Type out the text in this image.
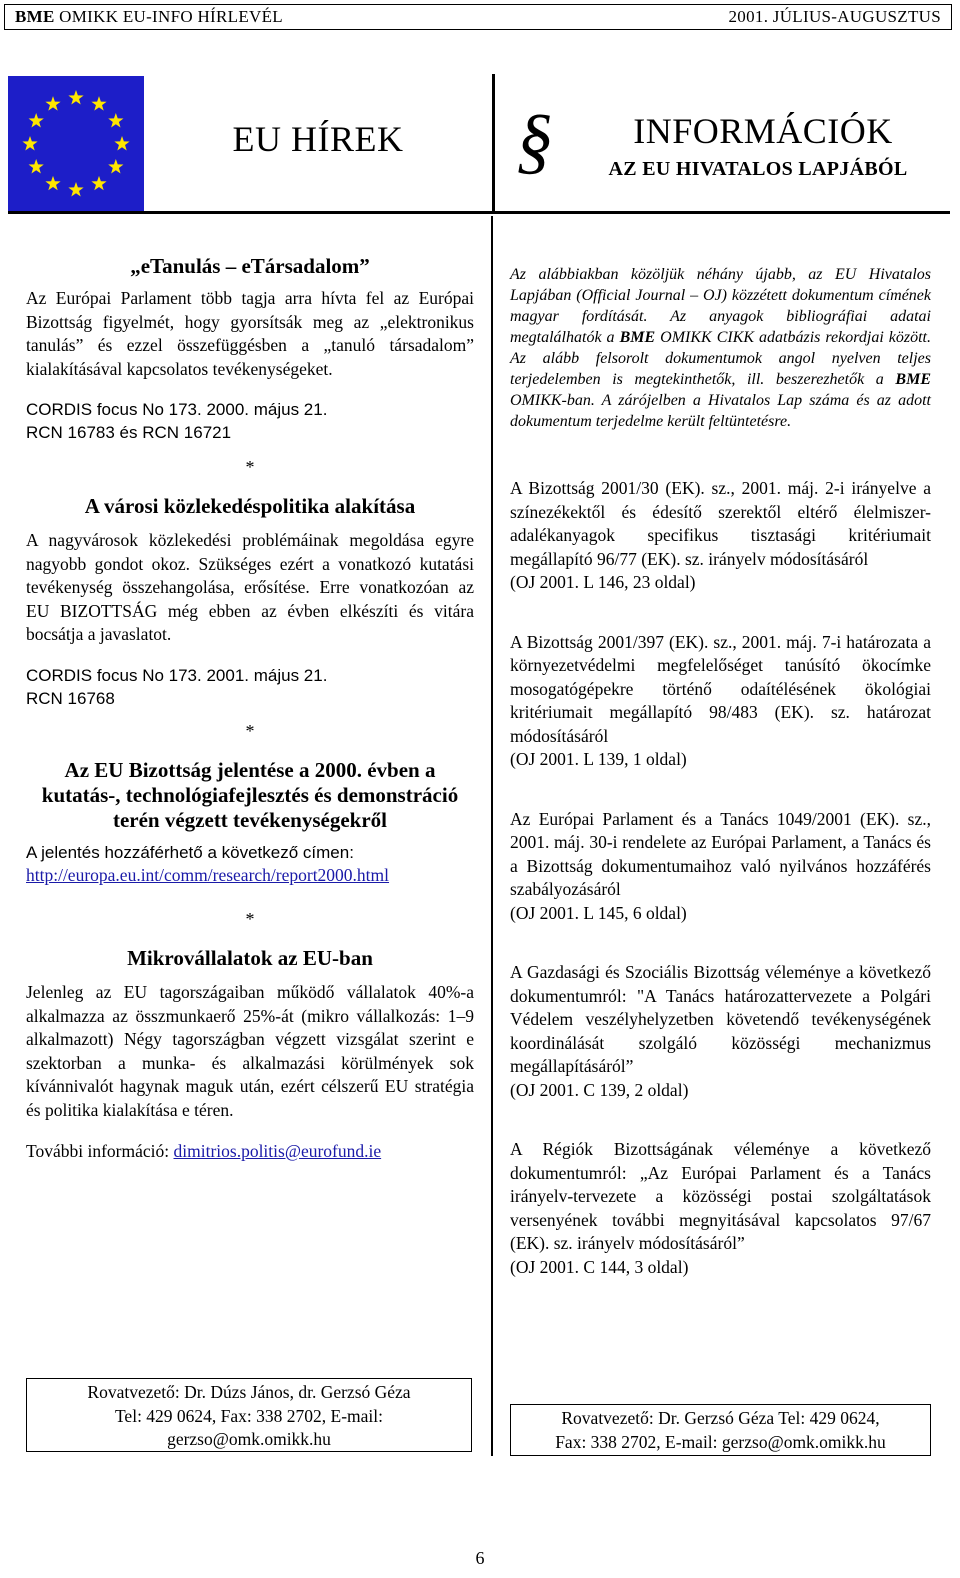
BME OMIKK EU-INFO HÍRLEVÉL	2001. JÚLIUS-AUGUSZTUS
EU HÍREK	§	INFORMÁCIÓK
AZ EU HIVATALOS LAPJÁBÓL
„eTanulás – eTársadalom”

Az Európai Parlament több tagja arra hívta fel az Európai Bizottság figyelmét, hogy gyorsítsák meg az „elektronikus tanulás” és ezzel összefüggésben a „tanuló társadalom” kialakításával kapcsolatos tevékenységeket.

CORDIS focus No 173. 2000. május 21.
RCN 16783 és RCN 16721
*
A városi közlekedéspolitika alakítása

A nagyvárosok közlekedési problémáinak megoldása egyre nagyobb gondot okoz. Szükséges ezért a vonatkozó kutatási tevékenység összehangolása, erősítése. Erre vonatkozóan az EU BIZOTTSÁG még ebben az évben elkészíti és vitára bocsátja a javaslatot.

CORDIS focus No 173. 2001. május 21.
RCN 16768
*
Az EU Bizottság jelentése a 2000. évben a kutatás-, technológiafejlesztés és demonstráció terén végzett tevékenységekről
A jelentés hozzáférhető a következő címen:
http://europa.eu.int/comm/research/report2000.html
*
Mikrovállalatok az EU-ban

Jelenleg az EU tagországaiban működő vállalatok 40%-a alkalmazza az összmunkaerő 25%-át (mikro vállalkozás: 1–9 alkalmazott) Négy tagországban végzett vizsgálat szerint e szektorban a munka- és alkalmazási körülmények sok kívánnivalót hagynak maguk után, ezért célszerű EU stratégia és politika kialakítása e téren.

További információ: dimitrios.politis@eurofund.ie

Rovatvezető: Dr. Dúzs János, dr. Gerzsó Géza
Tel: 429 0624, Fax: 338 2702, E-mail:
gerzso@omk.omikk.hu
Az alábbiakban közöljük néhány újabb, az EU Hivatalos Lapjában (Official Journal – OJ) közzétett dokumentum címének magyar fordítását. Az anyagok bibliográfiai adatai megtalálhatók a BME OMIKK CIKK adatbázis rekordjai között. Az alább felsorolt dokumentumok angol nyelven teljes terjedelemben is megtekinthetők, ill. beszerezhetők a BME OMIKK-ban. A zárójelben a Hivatalos Lap száma és az adott dokumentum terjedelme került feltüntetésre.
A Bizottság 2001/30 (EK). sz., 2001. máj. 2-i irányelve a színezékektől és édesítő szerektől eltérő élelmiszer-adalékanyagok specifikus tisztasági kritériumait megállapító 96/77 (EK). sz. irányelv módosításáról
(OJ 2001. L 146, 23 oldal)
A Bizottság 2001/397 (EK). sz., 2001. máj. 7-i határozata a környezetvédelmi megfelelőséget tanúsító ökocímke mosogatógépekre történő odaítélésének ökológiai kritériumait megállapító 98/483 (EK). sz. határozat módosításáról
(OJ 2001. L 139, 1 oldal)
Az Európai Parlament és a Tanács 1049/2001 (EK). sz., 2001. máj. 30-i rendelete az Európai Parlament, a Tanács és a Bizottság dokumentumaihoz való nyilvános hozzáférés szabályozásáról
(OJ 2001. L 145, 6 oldal)
A Gazdasági és Szociális Bizottság véleménye a következő dokumentumról: "A Tanács határozattervezete a Polgári Védelem veszélyhelyzetben követendő tevékenységének koordinálását szolgáló közösségi mechanizmus megállapításáról”
(OJ 2001. C 139, 2 oldal)
A Régiók Bizottságának véleménye a következő dokumentumról: „Az Európai Parlament és a Tanács irányelv-tervezete a közösségi postai szolgáltatások versenyének további megnyitásával kapcsolatos 97/67 (EK). sz. irányelv módosításáról”
(OJ 2001. C 144, 3 oldal)
Rovatvezető: Dr. Gerzsó Géza Tel: 429 0624,
Fax: 338 2702, E-mail: gerzso@omk.omikk.hu
6
